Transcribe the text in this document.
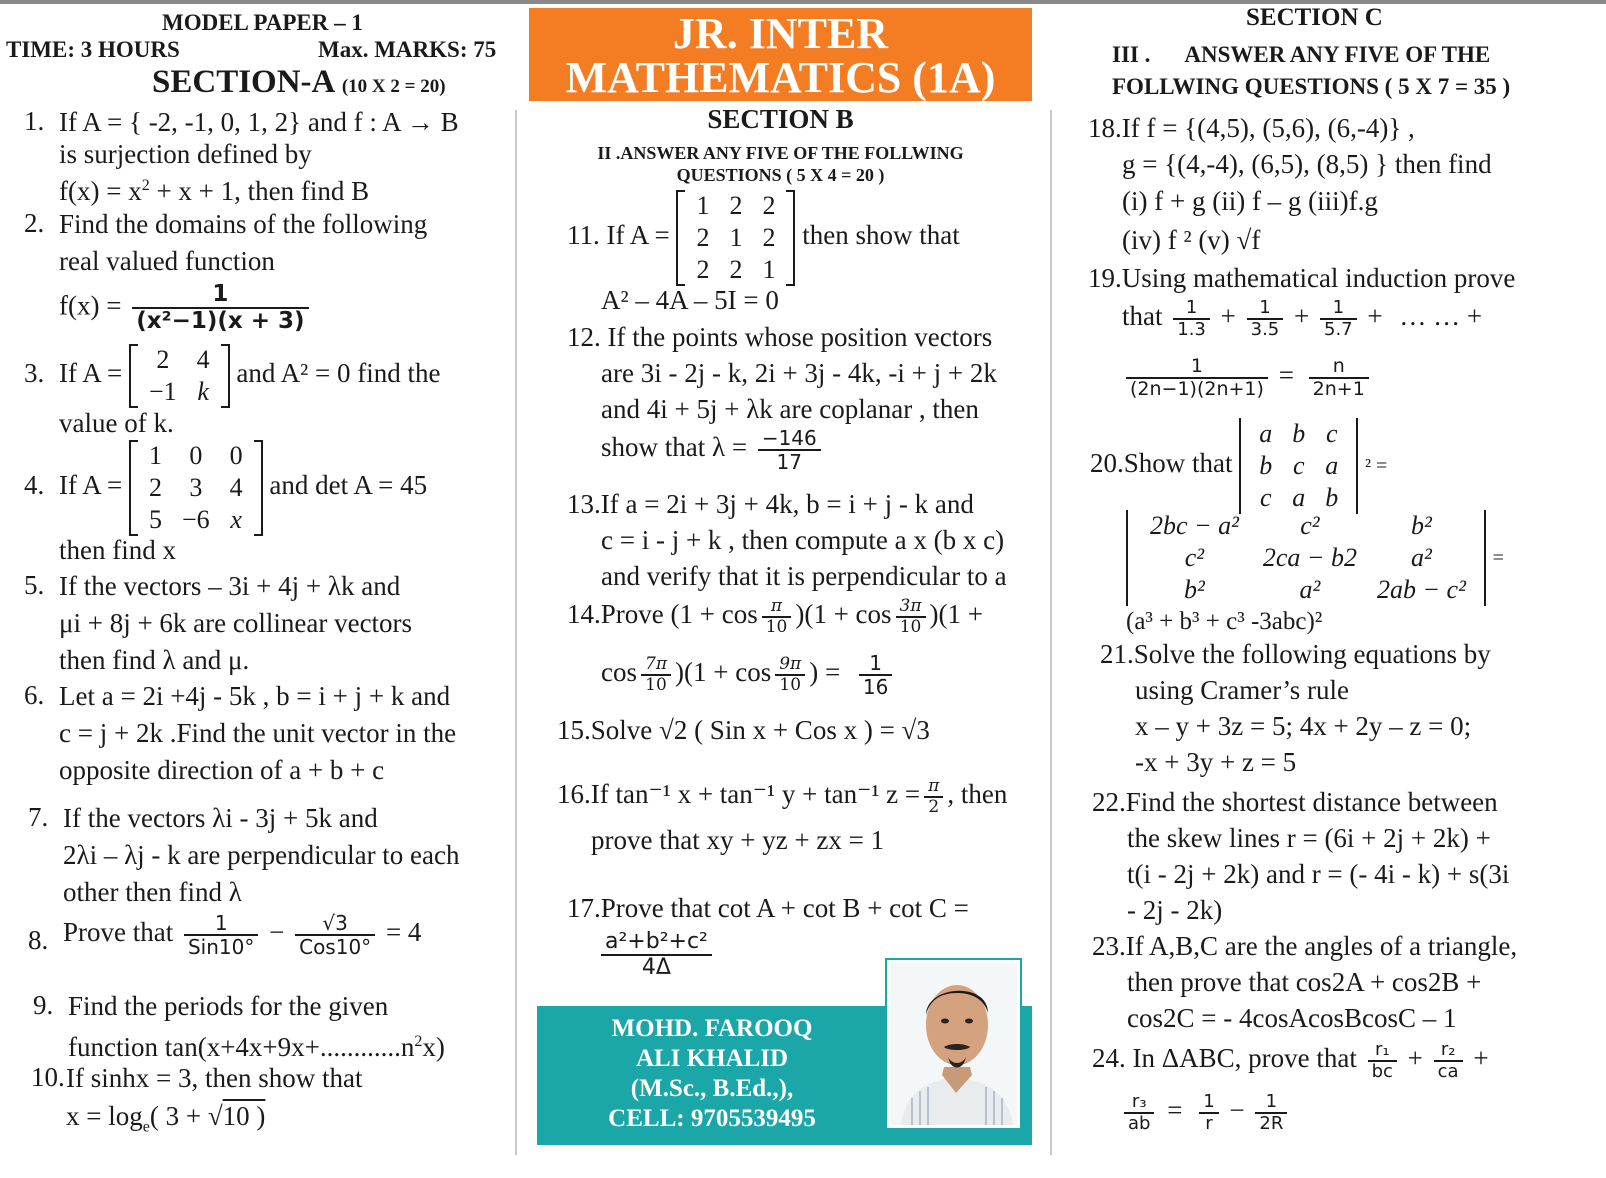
MODEL PAPER – 1
TIME: 3 HOURS	Max. MARKS: 75
SECTION-A (10 X 2 = 20)
1. If A = { -2, -1, 0, 1, 2} and f : A → B
is surjection defined by
$f(x) = x^2 + x + 1$, then find B
2. Find the domains of the following
real valued function
$f(x) = \frac{1}{\text{(x²−1)(x + 3)}}$
3. If A = 2	4
−1	k
and A² = 0 find the
value of k.
4. If A =
1	0	0
2	3	4
5	−6	x
and det A = 45
then find x
5. If the vectors – 3i + 4j + λk and
μi + 8j + 6k are collinear vectors
then find λ and μ.
6. Let a = 2i +4j - 5k , b = i + j + k and
c = j + 2k .Find the unit vector in the
opposite direction of a + b + c
7. If the vectors λi - 3j + 5k and
2λi – λj - k are perpendicular to each
other then find λ
8. Prove that $\frac{1}{\text{Sin10°}} - \frac{√3}{\text{Cos10°}} = 4$
9. Find the periods for the given
function $\tan(x+4x+9x+............n^2x)$
10. If sinhx = 3, then show that
$x = \log_e$( 3 + √10 )
JR. INTER
MATHEMATICS (1A)
SECTION B
II .ANSWER ANY FIVE OF THE FOLLWING
QUESTIONS ( 5 X 4 = 20 )
11. If A =
1	2	2
2	1	2
2	2	1
then show that
A² – 4A – 5I = 0
12. If the points whose position vectors
are 3i - 2j - k, 2i + 3j - 4k, -i + j + 2k
and 4i + 5j + λk are coplanar , then
show that $\lambda = \frac{-146}{17}$
13.If a = 2i + 3j + 4k, b = i + j - k and
c = i - j + k , then compute a x (b x c)
and verify that it is perpendicular to a
14.Prove $(1 + \cos \frac{\pi}{10} )(1 + \cos \frac{3\pi}{10} )(1$ +
$\cos \frac{7\pi}{10} )(1 + \cos \frac{9\pi}{10}$ ) = $\frac{1}{16}$
15.Solve √2 ( Sin x + Cos x ) = √3
16.If tan⁻¹ x + tan⁻¹ y + tan⁻¹ $z = \frac{\pi}{2}$ , then
prove that xy + yz + zx = 1
17.Prove that cot A + cot B + cot C =
$\frac{\text{a²+b²+c²}}{4\Delta}$
MOHD. FAROOQ
ALI KHALID
(M.Sc., B.Ed.,),
CELL: 9705539495
SECTION C
III . ANSWER ANY FIVE OF THE
FOLLWING QUESTIONS ( 5 X 7 = 35 )
18.If f = {(4,5), (5,6), (6,-4)} ,
g = {(4,-4), (6,5), (8,5) } then find
(i) f + g (ii) f – g (iii)f.g
(iv) f ² (v) √f
19.Using mathematical induction prove
that $\frac{1}{1.3} + \frac{1}{3.5} + \frac{1}{5.7}$ + … … +
$\frac{1}{(2n-1)(2n+1)} = \frac{n}{2n+1}$
20.Show that
a	b	c
b	c	a
c	a	b
² =
2bc − a²	c²	b²
c²	2ca − b2	a²
b²	a²	2ab − c²
=
(a³ + b³ + c³ -3abc)²
21.Solve the following equations by
using Cramer’s rule
x – y + 3z = 5; 4x + 2y – z = 0;
-x + 3y + z = 5
22.Find the shortest distance between
the skew lines r = (6i + 2j + 2k) +
t(i - 2j + 2k) and r = (- 4i - k) + s(3i
- 2j - 2k)
23.If A,B,C are the angles of a triangle,
then prove that cos2A + cos2B +
cos2C = - 4cosAcosBcosC – 1
24. In ΔABC, prove that $\frac{\text{r₁}}{bc} + \frac{\text{r₂}}{ca}$ +
$\frac{\text{r₃}}{ab} = \frac{1}{r} - \frac{1}{2R}$
